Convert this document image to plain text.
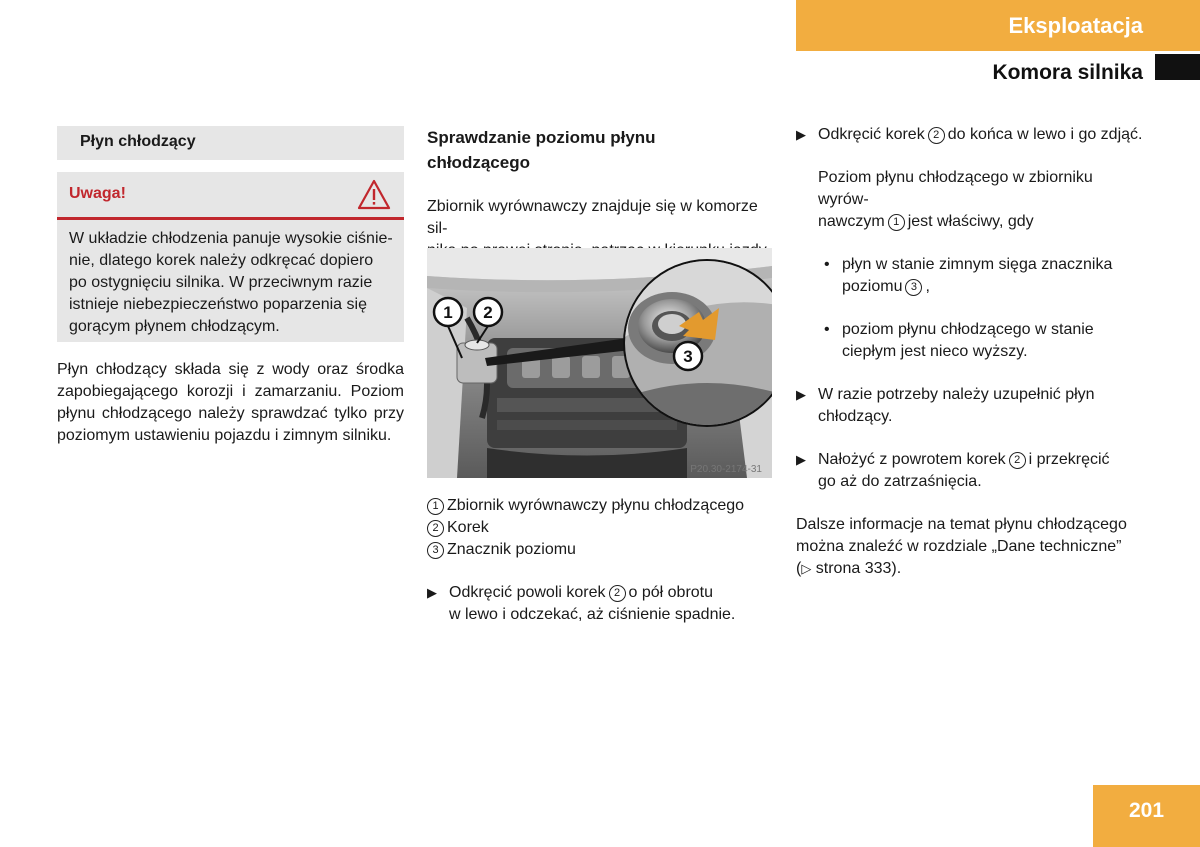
Eksploatacja
Komora silnika
Płyn chłodzący
Uwaga!
W układzie chłodzenia panuje wysokie ciśnie-
nie, dlatego korek należy odkręcać dopiero
po ostygnięciu silnika. W przeciwnym razie
istnieje niebezpieczeństwo poparzenia się
gorącym płynem chłodzącym.
Płyn chłodzący składa się z wody oraz środka zapobiegającego korozji i zamarzaniu. Poziom płynu chłodzącego należy sprawdzać tylko przy poziomym ustawieniu pojazdu i zimnym silniku.
Sprawdzanie poziomu płynu
chłodzącego
Zbiornik wyrównawczy znajduje się w komorze sil-
1 2
3
P20.30-2174-31
1 Zbiornik wyrównawczy płynu chłodzącego
2 Korek
3 Znacznik poziomu
▶ Odkręcić powoli korek 2 o pół obrotu
w lewo i odczekać, aż ciśnienie spadnie.
▶ Odkręcić korek 2 do końca w lewo i go zdjąć.
Poziom płynu chłodzącego w zbiorniku wyrów-
nawczym 1 jest właściwy, gdy
• płyn w stanie zimnym sięga znacznika
poziomu 3 ,
• poziom płynu chłodzącego w stanie
ciepłym jest nieco wyższy.
▶ W razie potrzeby należy uzupełnić płyn
chłodzący.
▶ Nałożyć z powrotem korek 2 i przekręcić
go aż do zatrzaśnięcia.
Dalsze informacje na temat płynu chłodzącego
można znaleźć w rozdziale „Dane techniczne”
(▷ strona 333).
201
